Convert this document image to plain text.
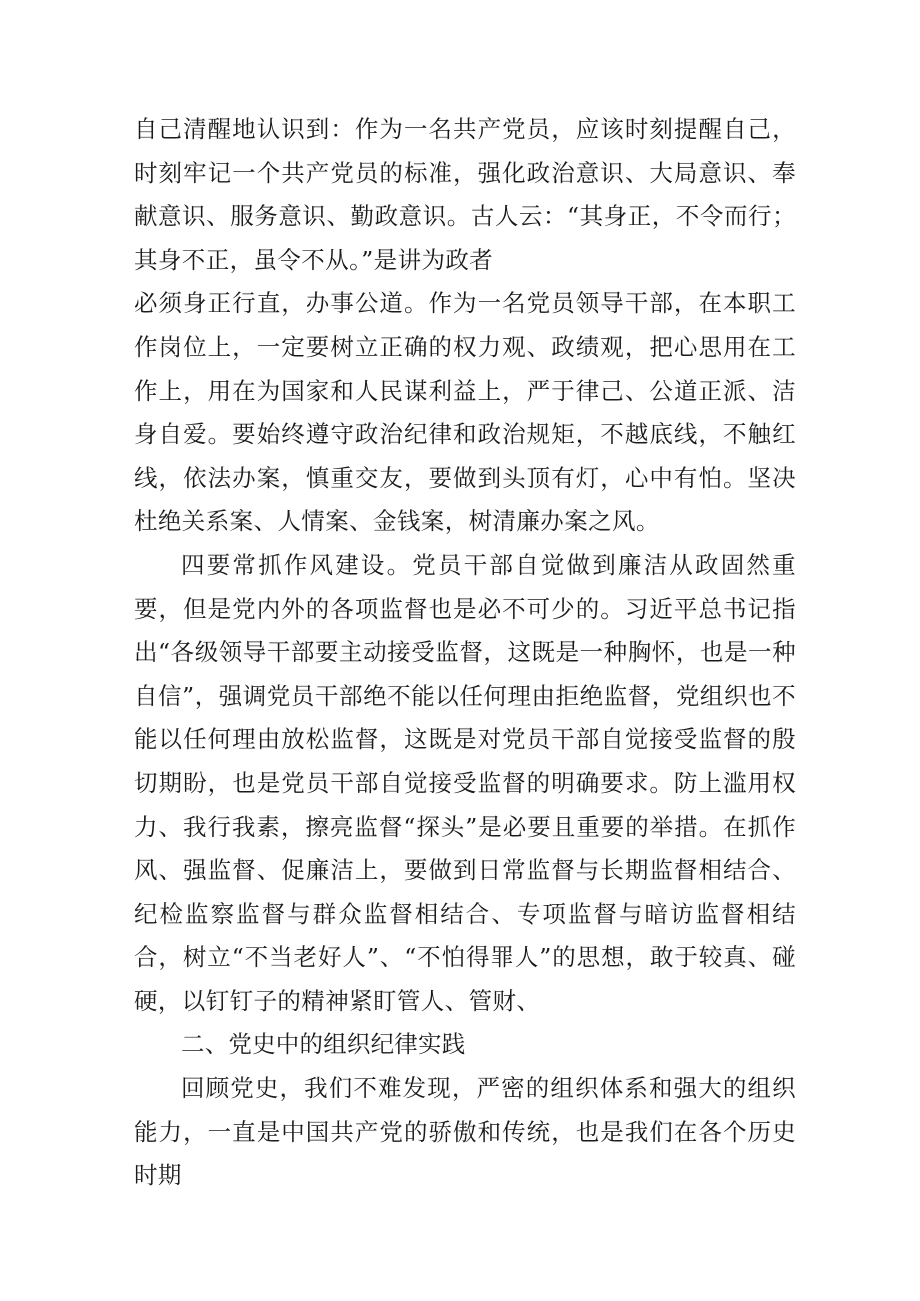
自己清醒地认识到：作为一名共产党员，应该时刻提醒自己，时刻牢记一个共产党员的标准，强化政治意识、大局意识、奉献意识、服务意识、勤政意识。古人云：“其身正，不令而行；其身不正，虽令不从。”是讲为政者

必须身正行直，办事公道。作为一名党员领导干部，在本职工作岗位上，一定要树立正确的权力观、政绩观，把心思用在工作上，用在为国家和人民谋利益上，严于律己、公道正派、洁身自爱。要始终遵守政治纪律和政治规矩，不越底线，不触红线，依法办案，慎重交友，要做到头顶有灯，心中有怕。坚决杜绝关系案、人情案、金钱案，树清廉办案之风。

四要常抓作风建设。党员干部自觉做到廉洁从政固然重要，但是党内外的各项监督也是必不可少的。习近平总书记指出“各级领导干部要主动接受监督，这既是一种胸怀，也是一种自信”，强调党员干部绝不能以任何理由拒绝监督，党组织也不能以任何理由放松监督，这既是对党员干部自觉接受监督的殷切期盼，也是党员干部自觉接受监督的明确要求。防上滥用权力、我行我素，擦亮监督“探头”是必要且重要的举措。在抓作风、强监督、促廉洁上，要做到日常监督与长期监督相结合、纪检监察监督与群众监督相结合、专项监督与暗访监督相结合，树立“不当老好人”、“不怕得罪人”的思想，敢于较真、碰硬，以钉钉子的精神紧盯管人、管财、

二、党史中的组织纪律实践

回顾党史，我们不难发现，严密的组织体系和强大的组织能力，一直是中国共产党的骄傲和传统，也是我们在各个历史时期
